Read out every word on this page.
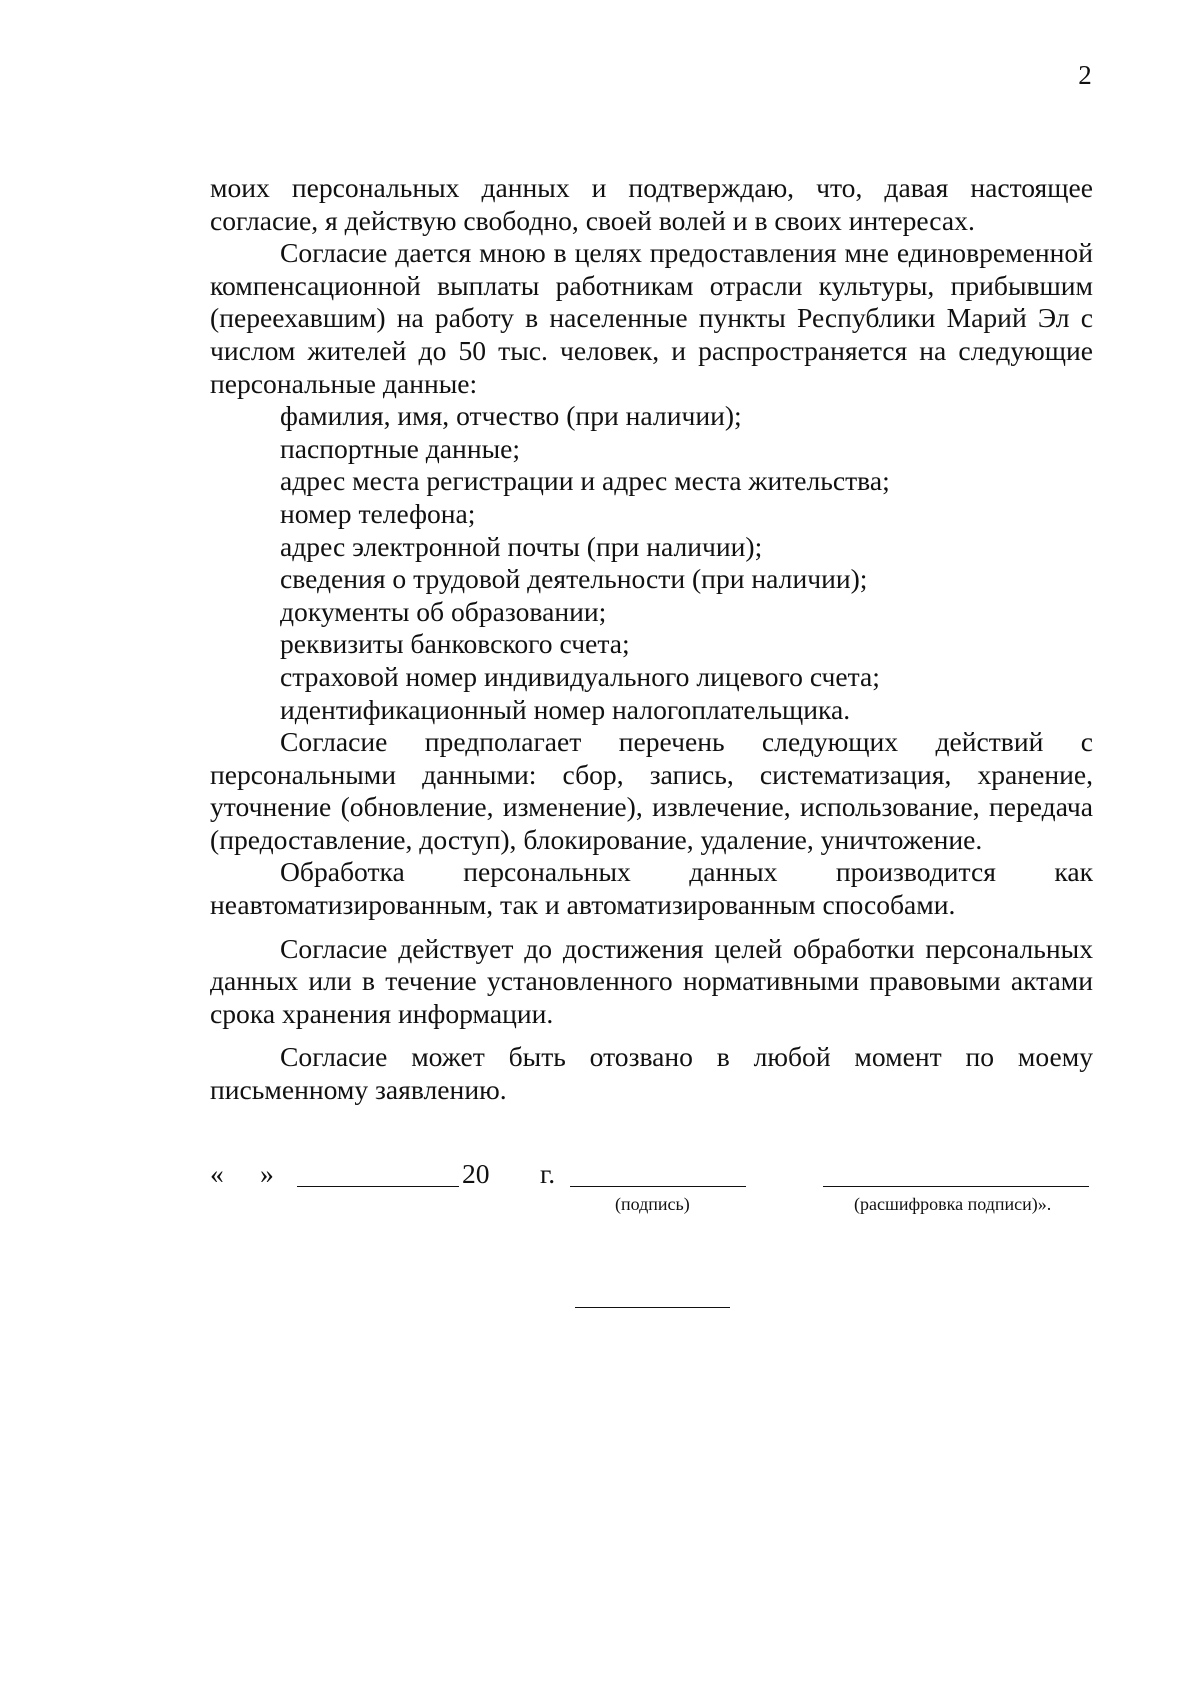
2

моих персональных данных и подтверждаю, что, давая настоящее согласие, я действую свободно, своей волей и в своих интересах.

Согласие дается мною в целях предоставления мне единовременной компенсационной выплаты работникам отрасли культуры, прибывшим (переехавшим) на работу в населенные пункты Республики Марий Эл с числом жителей до 50 тыс. человек, и распространяется на следующие персональные данные:

фамилия, имя, отчество (при наличии);
паспортные данные;
адрес места регистрации и адрес места жительства;
номер телефона;
адрес электронной почты (при наличии);
сведения о трудовой деятельности (при наличии);
документы об образовании;
реквизиты банковского счета;
страховой номер индивидуального лицевого счета;
идентификационный номер налогоплательщика.

Согласие предполагает перечень следующих действий с персональными данными: сбор, запись, систематизация, хранение, уточнение (обновление, изменение), извлечение, использование, передача (предоставление, доступ), блокирование, удаление, уничтожение.

Обработка персональных данных производится как неавтоматизированным, так и автоматизированным способами.

Согласие действует до достижения целей обработки персональных данных или в течение установленного нормативными правовыми актами срока хранения информации.

Согласие может быть отозвано в любой момент по моему письменному заявлению.

« »	20 г.
(подпись)	(расшифровка подписи)».
